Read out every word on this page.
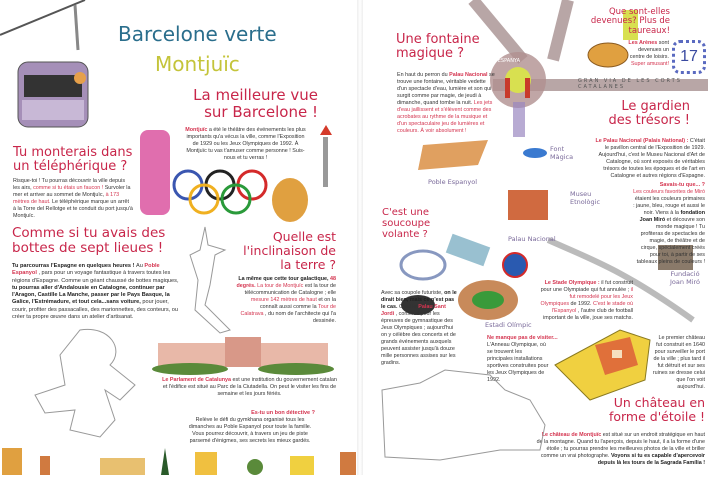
Barcelone verte
Montjuïc
La meilleure vue sur Barcelone !
Montjuïc a été le théâtre des événements les plus importants qu'a vécus la ville, comme l'Exposition de 1929 ou les Jeux Olympiques de 1992. À Montjuïc tu vas t'amuser comme personne ! Suis-nous et tu verras !
Tu monterais dans un téléphérique ?
Risque-toi ! Tu pourras découvrir la ville depuis les airs, comme si tu étais un faucon ! Survoler la mer et arriver au sommet de Montjuïc, à 173 mètres de haut. Le téléphérique marque un arrêt à la Torre del Rellotge et te conduit du port jusqu'à Montjuïc.
Comme si tu avais des bottes de sept lieues !
Tu parcourras l'Espagne en quelques heures ! Au Poble Espanyol , pars pour un voyage fantastique à travers toutes les régions d'Espagne. Comme un géant chaussé de bottes magiques, tu pourras aller d'Andalousie en Catalogne, continuer par l'Aragon, Castille La Manche, passer par le Pays Basque, la Galice, l'Estrémadure, et tout cela...sans voiture, pour jouer, courir, profiter des passacalles, des marionnettes, des conteurs, ou créer ta propre œuvre dans un atelier d'artisanat.
Quelle est l'inclinaison de la terre ?
La même que cette tour galactique, 48 degrés. La tour de Montjuïc est la tour de télécommunication de Catalogne ; elle mesure 142 mètres de haut et on la connaît aussi comme la Tour de Calatrava , du nom de l'architecte qui l'a dessinée.
Le Parlament de Catalunya est une institution du gouvernement catalan et l'édifice est situé au Parc de la Ciutadella. On peut le visiter les fins de semaine et les jours fériés.
Es-tu un bon détective ?
Relève le défi du gymkhana organisé tous les dimanches au Poble Espanyol pour toute la famille. Vous pourrez découvrir, à travers un jeu de piste parsemé d'énigmes, ses secrets les mieux gardés.
PLAÇA ESPANYA
GRAN VIA DE LES CORTS CATALANES
Font Màgica
Poble Espanyol
Palau Nacional
Museu Etnològic
Fundació Joan Miró
Estadi Olímpic
Une fontaine magique ?
En haut du perron du Palau Nacional se trouve une fontaine, véritable vedette d'un spectacle d'eau, lumière et son qui surgit comme par magie, de jeudi à dimanche, quand tombe la nuit. Les jets d'eau jaillissent et s'élèvent comme des acrobates au rythme de la musique et d'un spectaculaire jeu de lumières et couleurs. À voir absolument !
Que sont-elles devenues? Plus de taureaux!
Les Arènes sont devenues un centre de loisirs. Super amusant! 17
Le gardien des trésors !
Le Palau Nacional (Palais National) : C'était le pavillon central de l'Exposition de 1929. Aujourd'hui, c'est le Museu Nacional d'Art de Catalogne, où sont exposés de véritables trésors de toutes les époques et de l'art en Catalogne et autres régions d'Espagne.
Savais-tu que... ?
Les couleurs favorites de Miró étaient les couleurs primaires : jaune, bleu, rouge et aussi le noir. Viens à la fondation Joan Miró et découvre son monde magique ! Tu profiteras de spectacles de magie, de théâtre et de cirque, spécialement créés pour toi, à partir de ses tableaux pleins de couleurs !
C'est une soucoupe volante ?
Avec sa coupole futuriste, on le dirait bien, mais ce n'est pas le cas. C'est le Palau Sant Jordi , construit pour les épreuves de gymnastique des Jeux Olympiques ; aujourd'hui on y célèbre des concerts et de grands événements auxquels peuvent assister jusqu'à douze mille personnes assises sur les gradins.
Le Stade Olympique : il fut construit pour une Olympiade qui fut annulée ; il fut remodelé pour les Jeux Olympiques de 1992. C'est le stade où l'Espanyol , l'autre club de football important de la ville, joue ses matchs.
Ne manque pas de visiter...
L'Anneau Olympique, où se trouvent les principales installations sportives construites pour les Jeux Olympiques de 1992.
Le premier château fut construit en 1640 pour surveiller le port de la ville ; plus tard il fut détruit et sur ses ruines se dresse celui que l'on voit aujourd'hui.
Un château en forme d'étoile !
Le château de Montjuïc est situé sur un endroit stratégique en haut de la montagne. Quand tu l'aperçois, depuis le haut, il a la forme d'une étoile ; tu pourras prendre les meilleures photos de la ville et briller comme un vrai photographe. Voyons si tu es capable d'apercevoir depuis là les tours de la Sagrada Família !
